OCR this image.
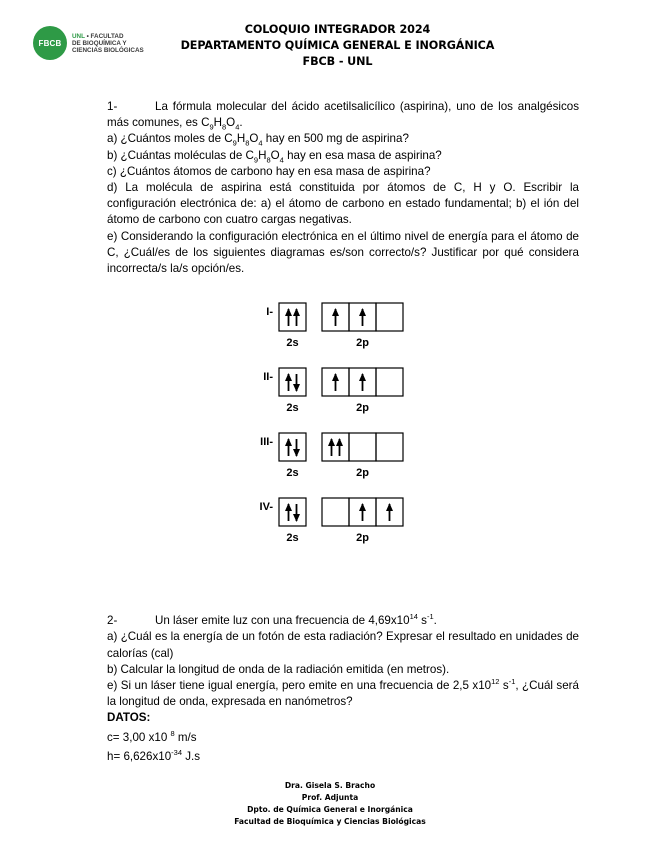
FBCB
UNL • FACULTAD
DE BIOQUÍMICA Y
CIENCIAS BIOLÓGICAS
COLOQUIO INTEGRADOR 2024
DEPARTAMENTO QUÍMICA GENERAL E INORGÁNICA
FBCB - UNL

1-	La fórmula molecular del ácido acetilsalicílico (aspirina), uno de los analgésicos más comunes, es $C_9H_8O_4$.

a) ¿Cuántos moles de $C_9H_8O_4$ hay en 500 mg de aspirina?

b) ¿Cuántas moléculas de $C_9H_8O_4$ hay en esa masa de aspirina?

c) ¿Cuántos átomos de carbono hay en esa masa de aspirina?

d) La molécula de aspirina está constituida por átomos de C, H y O. Escribir la configuración electrónica de: a) el átomo de carbono en estado fundamental; b) el ión del átomo de carbono con cuatro cargas negativas.

e) Considerando la configuración electrónica en el último nivel de energía para el átomo de C, ¿Cuál/es de los siguientes diagramas es/son correcto/s? Justificar por qué considera incorrecta/s la/s opción/es.

I-
2s	2p
II-
2s	2p
III-
2s	2p
IV-
2s	2p

2-	Un láser emite luz con una frecuencia de $4,69x10^{14}$ $s^{-1}$.

a) ¿Cuál es la energía de un fotón de esta radiación? Expresar el resultado en unidades de calorías (cal)

b) Calcular la longitud de onda de la radiación emitida (en metros).

e) Si un láser tiene igual energía, pero emite en una frecuencia de 2,5 $x10^{12}$ $s^{-1}$, ¿Cuál será la longitud de onda, expresada en nanómetros?

DATOS:

c= 3,00 x10 $^8$ m/s

$h= 6,626x10^{-34}$ J.s

Dra. Gisela S. Bracho
Prof. Adjunta
Dpto. de Química General e Inorgánica
Facultad de Bioquímica y Ciencias Biológicas
